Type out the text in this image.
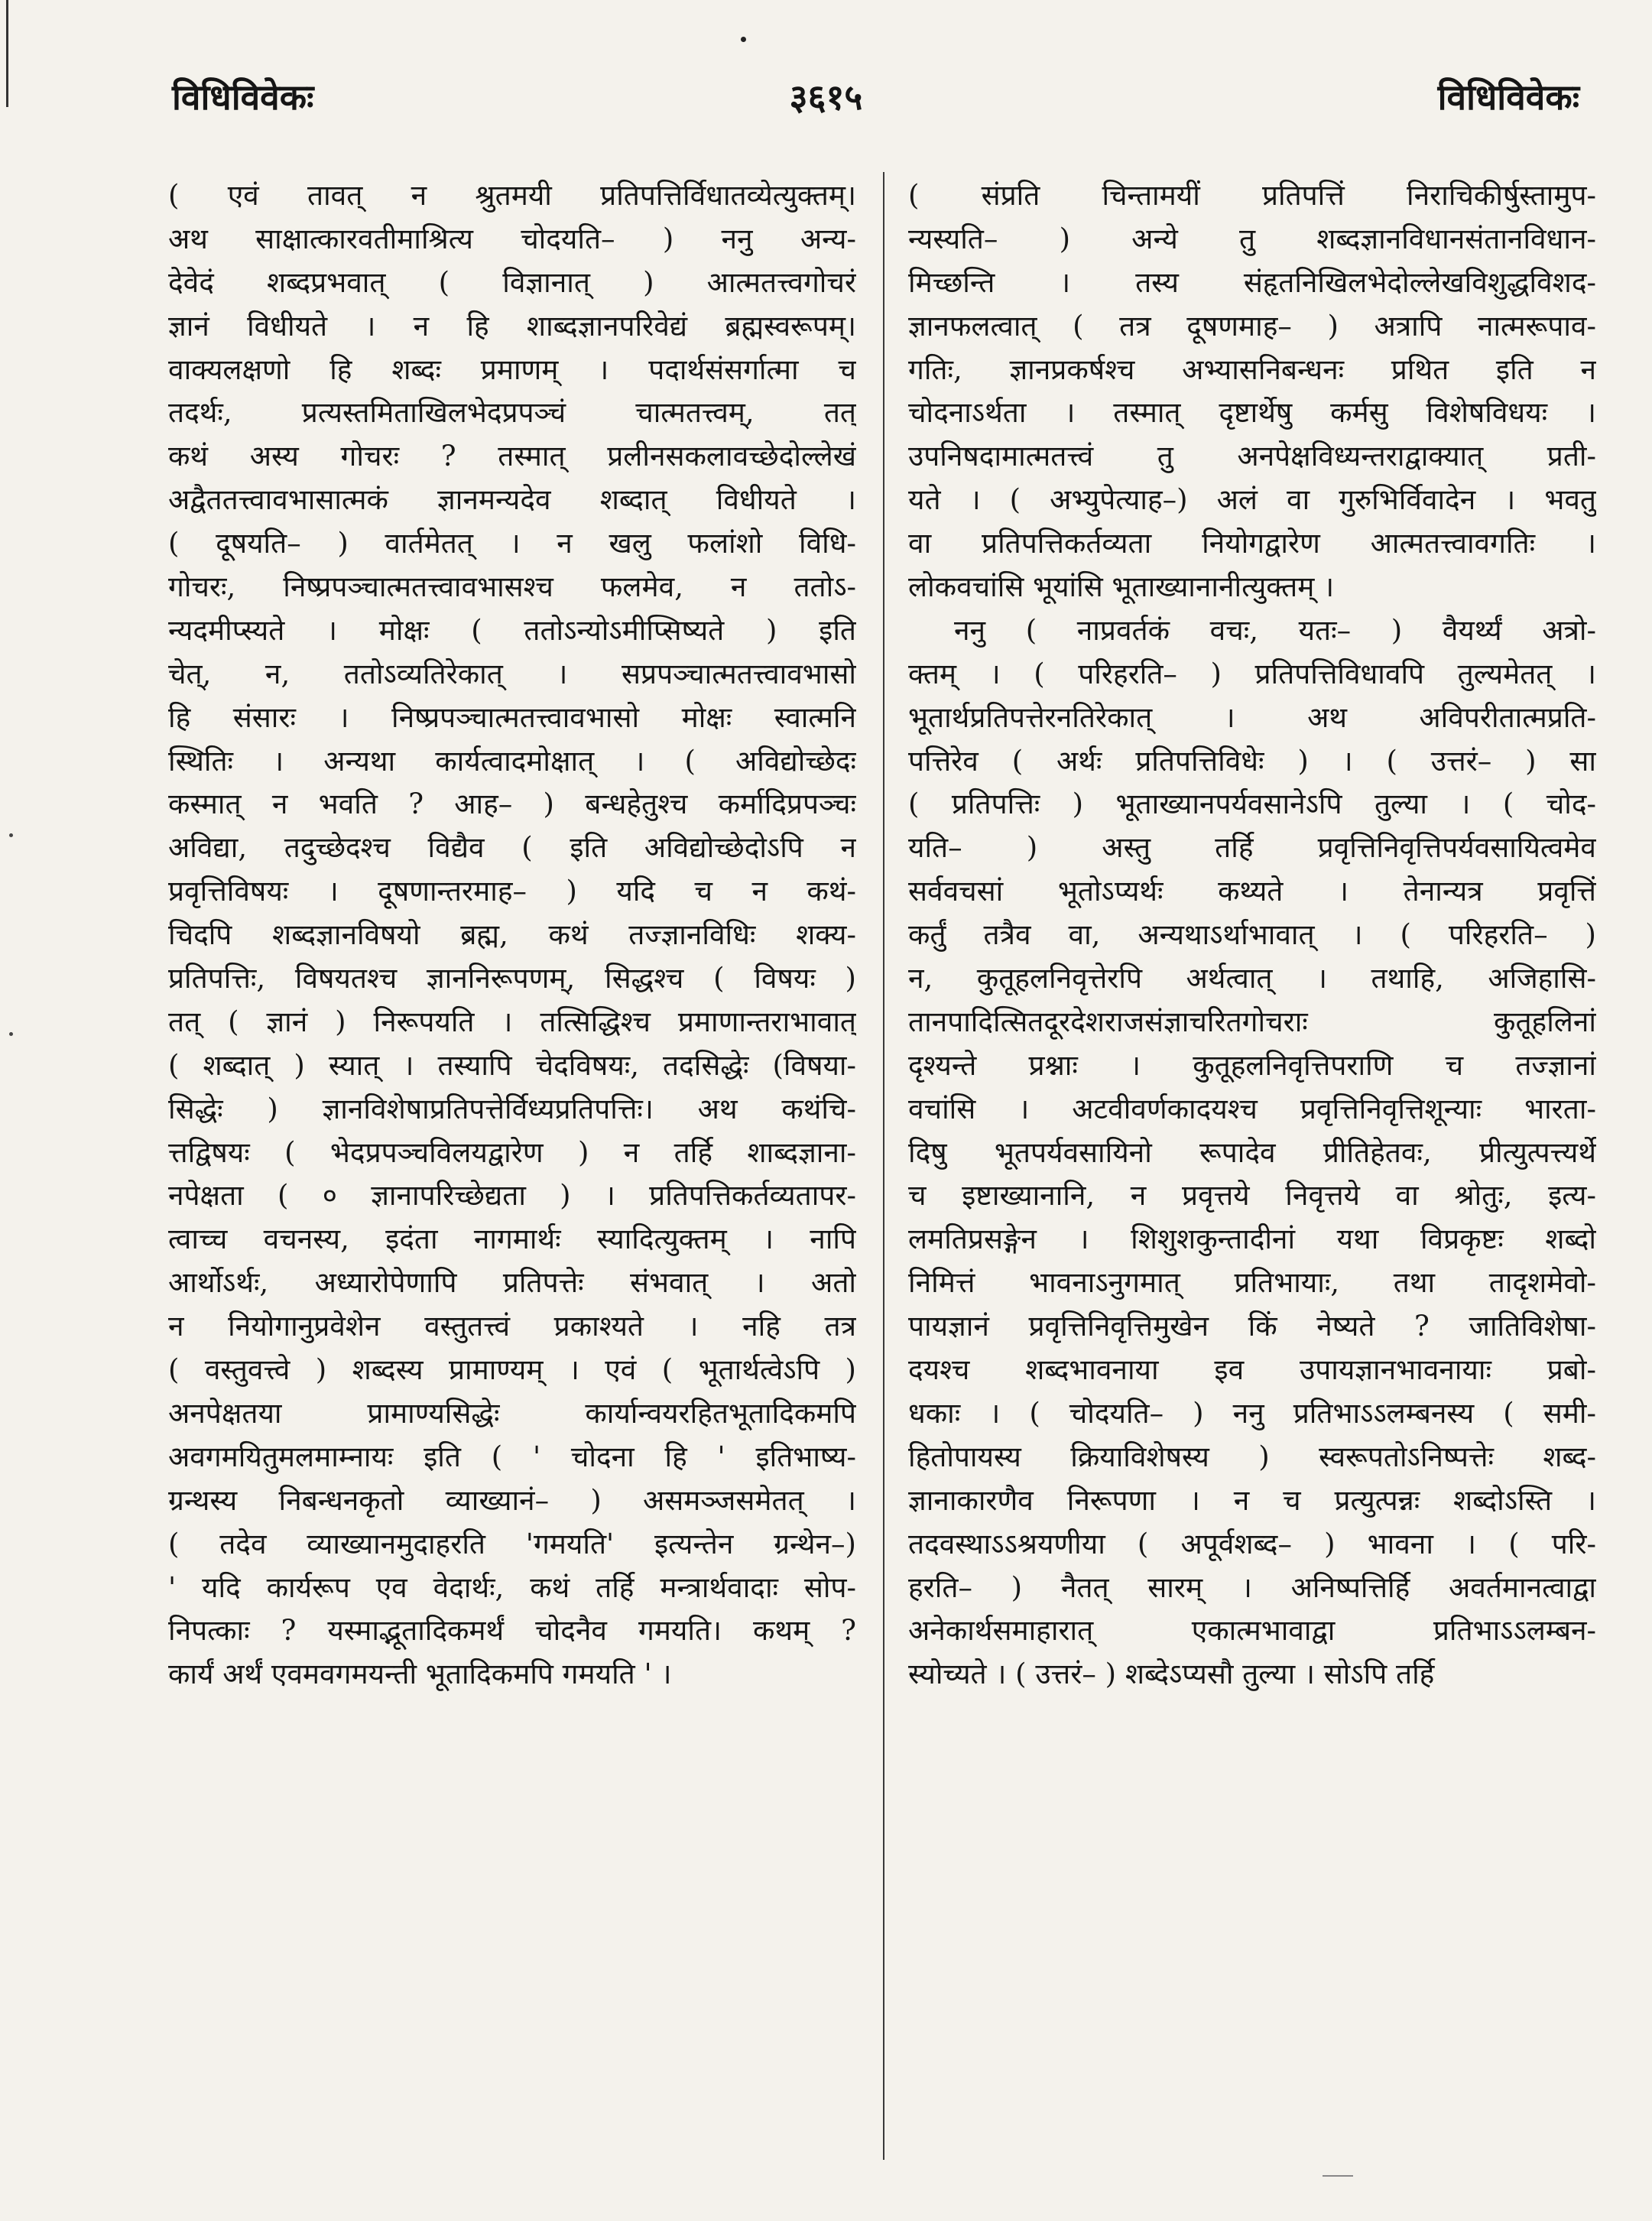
विधिविवेकः	३६१५	विधिविवेकः
( एवं तावत् न श्रुतमयी प्रतिपत्तिर्विधातव्येत्युक्तम्।
अथ साक्षात्कारवतीमाश्रित्य चोदयति– ) ननु अन्य-
देवेदं शब्दप्रभवात् ( विज्ञानात् ) आत्मतत्त्वगोचरं
ज्ञानं विधीयते । न हि शाब्दज्ञानपरिवेद्यं ब्रह्मस्वरूपम्।
वाक्यलक्षणो हि शब्दः प्रमाणम् । पदार्थसंसर्गात्मा च
तदर्थः, प्रत्यस्तमिताखिलभेदप्रपञ्चं चात्मतत्त्वम्, तत्
कथं अस्य गोचरः ? तस्मात् प्रलीनसकलावच्छेदोल्लेखं
अद्वैततत्त्वावभासात्मकं ज्ञानमन्यदेव शब्दात् विधीयते ।
( दूषयति– ) वार्तमेतत् । न खलु फलांशो विधि-
गोचरः, निष्प्रपञ्चात्मतत्त्वावभासश्च फलमेव, न ततोऽ-
न्यदमीप्स्यते । मोक्षः ( ततोऽन्योऽमीप्सिष्यते ) इति
चेत्, न, ततोऽव्यतिरेकात् । सप्रपञ्चात्मतत्त्वावभासो
हि संसारः । निष्प्रपञ्चात्मतत्त्वावभासो मोक्षः स्वात्मनि
स्थितिः । अन्यथा कार्यत्वादमोक्षात् । ( अविद्योच्छेदः
कस्मात् न भवति ? आह– ) बन्धहेतुश्च कर्मादिप्रपञ्चः
अविद्या, तदुच्छेदश्च विद्यैव ( इति अविद्योच्छेदोऽपि न
प्रवृत्तिविषयः । दूषणान्तरमाह– ) यदि च न कथं-
चिदपि शब्दज्ञानविषयो ब्रह्म, कथं तज्ज्ञानविधिः शक्य-
प्रतिपत्तिः, विषयतश्च ज्ञाननिरूपणम्, सिद्धश्च ( विषयः )
तत् ( ज्ञानं ) निरूपयति । तत्सिद्धिश्च प्रमाणान्तराभावात्
( शब्दात् ) स्यात् । तस्यापि चेदविषयः, तदसिद्धेः (विषया-
सिद्धेः ) ज्ञानविशेषाप्रतिपत्तेर्विध्यप्रतिपत्तिः। अथ कथंचि-
त्तद्विषयः ( भेदप्रपञ्चविलयद्वारेण ) न तर्हि शाब्दज्ञाना-
नपेक्षता ( ० ज्ञानापरिच्छेद्यता ) । प्रतिपत्तिकर्तव्यतापर-
त्वाच्च वचनस्य, इदंता नागमार्थः स्यादित्युक्तम् । नापि
आर्थोऽर्थः, अध्यारोपेणापि प्रतिपत्तेः संभवात् । अतो
न नियोगानुप्रवेशेन वस्तुतत्त्वं प्रकाश्यते । नहि तत्र
( वस्तुवत्त्वे ) शब्दस्य प्रामाण्यम् । एवं ( भूतार्थत्वेऽपि )
अनपेक्षतया प्रामाण्यसिद्धेः कार्यान्वयरहितभूतादिकमपि
अवगमयितुमलमाम्नायः इति ( ' चोदना हि ' इतिभाष्य-
ग्रन्थस्य निबन्धनकृतो व्याख्यानं– ) असमञ्जसमेतत् ।
( तदेव व्याख्यानमुदाहरति 'गमयति' इत्यन्तेन ग्रन्थेन–)
' यदि कार्यरूप एव वेदार्थः, कथं तर्हि मन्त्रार्थवादाः सोप-
निपत्काः ? यस्माद्भूतादिकमर्थं चोदनैव गमयति। कथम् ?
कार्यं अर्थं एवमवगमयन्ती भूतादिकमपि गमयति ' ।
( संप्रति चिन्तामयीं प्रतिपत्तिं निराचिकीर्षुस्तामुप-
न्यस्यति– ) अन्ये तु शब्दज्ञानविधानसंतानविधान-
मिच्छन्ति । तस्य संहृतनिखिलभेदोल्लेखविशुद्धविशद-
ज्ञानफलत्वात् ( तत्र दूषणमाह– ) अत्रापि नात्मरूपाव-
गतिः, ज्ञानप्रकर्षश्च अभ्यासनिबन्धनः प्रथित इति न
चोदनाऽर्थता । तस्मात् दृष्टार्थेषु कर्मसु विशेषविधयः ।
उपनिषदामात्मतत्त्वं तु अनपेक्षविध्यन्तराद्वाक्यात् प्रती-
यते । ( अभ्युपेत्याह–) अलं वा गुरुभिर्विवादेन । भवतु
वा प्रतिपत्तिकर्तव्यता नियोगद्वारेण आत्मतत्त्वावगतिः ।
लोकवचांसि भूयांसि भूताख्यानानीत्युक्तम् ।
ननु ( नाप्रवर्तकं वचः, यतः– ) वैयर्थ्यं अत्रो-
क्तम् । ( परिहरति– ) प्रतिपत्तिविधावपि तुल्यमेतत् ।
भूतार्थप्रतिपत्तेरनतिरेकात् । अथ अविपरीतात्मप्रति-
पत्तिरेव ( अर्थः प्रतिपत्तिविधेः ) । ( उत्तरं– ) सा
( प्रतिपत्तिः ) भूताख्यानपर्यवसानेऽपि तुल्या । ( चोद-
यति– ) अस्तु तर्हि प्रवृत्तिनिवृत्तिपर्यवसायित्वमेव
सर्ववचसां भूतोऽप्यर्थः कथ्यते । तेनान्यत्र प्रवृत्तिं
कर्तुं तत्रैव वा, अन्यथाऽर्थाभावात् । ( परिहरति– )
न, कुतूहलनिवृत्तेरपि अर्थत्वात् । तथाहि, अजिहासि-
तानपादित्सितदूरदेशराजसंज्ञाचरितगोचराः कुतूहलिनां
दृश्यन्ते प्रश्नाः । कुतूहलनिवृत्तिपराणि च तज्ज्ञानां
वचांसि । अटवीवर्णकादयश्च प्रवृत्तिनिवृत्तिशून्याः भारता-
दिषु भूतपर्यवसायिनो रूपादेव प्रीतिहेतवः, प्रीत्युत्पत्त्यर्थे
च इष्टाख्यानानि, न प्रवृत्तये निवृत्तये वा श्रोतुः, इत्य-
लमतिप्रसङ्गेन । शिशुशकुन्तादीनां यथा विप्रकृष्टः शब्दो
निमित्तं भावनाऽनुगमात् प्रतिभायाः, तथा तादृशमेवो-
पायज्ञानं प्रवृत्तिनिवृत्तिमुखेन किं नेष्यते ? जातिविशेषा-
दयश्च शब्दभावनाया इव उपायज्ञानभावनायाः प्रबो-
धकाः । ( चोदयति– ) ननु प्रतिभाऽऽलम्बनस्य ( समी-
हितोपायस्य क्रियाविशेषस्य ) स्वरूपतोऽनिष्पत्तेः शब्द-
ज्ञानाकारणैव निरूपणा । न च प्रत्युत्पन्नः शब्दोऽस्ति ।
तदवस्थाऽऽश्रयणीया ( अपूर्वशब्द– ) भावना । ( परि-
हरति– ) नैतत् सारम् । अनिष्पत्तिर्हि अवर्तमानत्वाद्वा
अनेकार्थसमाहारात् एकात्मभावाद्वा प्रतिभाऽऽलम्बन-
स्योच्यते । ( उत्तरं– ) शब्देऽप्यसौ तुल्या । सोऽपि तर्हि
